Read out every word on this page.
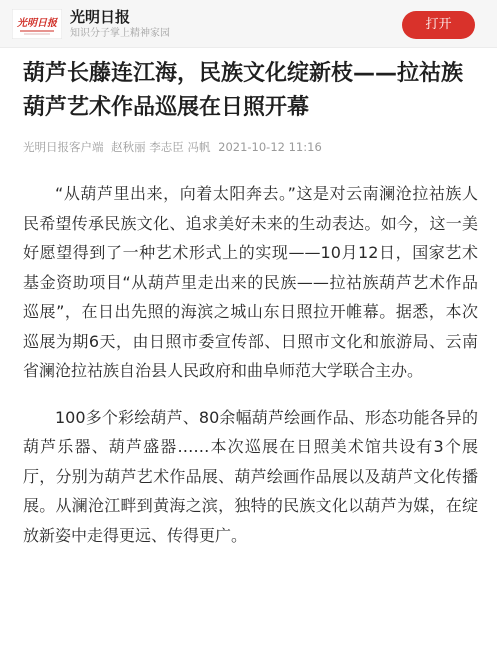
光明日报 光明日报
知识分子掌上精神家园
打开
葫芦长藤连江海，民族文化绽新枝——拉祜族葫芦艺术作品巡展在日照开幕
光明日报客户端 赵秋丽 李志臣 冯帆 2021-10-12 11:16

“从葫芦里出来，向着太阳奔去。”这是对云南澜沧拉祜族人民希望传承民族文化、追求美好未来的生动表达。如今，这一美好愿望得到了一种艺术形式上的实现——10月12日，国家艺术基金资助项目“从葫芦里走出来的民族——拉祜族葫芦艺术作品巡展”，在日出先照的海滨之城山东日照拉开帷幕。据悉，本次巡展为期6天，由日照市委宣传部、日照市文化和旅游局、云南省澜沧拉祜族自治县人民政府和曲阜师范大学联合主办。

100多个彩绘葫芦、80余幅葫芦绘画作品、形态功能各异的葫芦乐器、葫芦盛器……本次巡展在日照美术馆共设有3个展厅，分别为葫芦艺术作品展、葫芦绘画作品展以及葫芦文化传播展。从澜沧江畔到黄海之滨，独特的民族文化以葫芦为媒，在绽放新姿中走得更远、传得更广。
